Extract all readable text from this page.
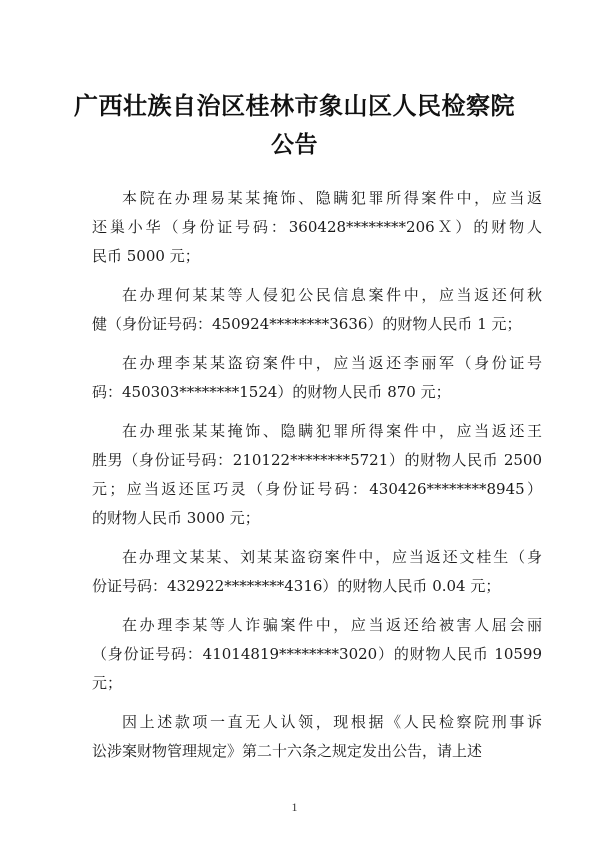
广西壮族自治区桂林市象山区人民检察院
公告
本院在办理易某某掩饰、隐瞒犯罪所得案件中，应当返
还巢小华（身份证号码：360428********206Ｘ）的财物人
民币 5000 元；
在办理何某某等人侵犯公民信息案件中，应当返还何秋
健（身份证号码：450924********3636）的财物人民币 1 元；
在办理李某某盗窃案件中，应当返还李丽军（身份证号
码：450303********1524）的财物人民币 870 元；
在办理张某某掩饰、隐瞒犯罪所得案件中，应当返还王
胜男（身份证号码：210122********5721）的财物人民币 2500
元；应当返还匡巧灵（身份证号码：430426********8945）
的财物人民币 3000 元；
在办理文某某、刘某某盗窃案件中，应当返还文桂生（身
份证号码：432922********4316）的财物人民币 0.04 元；
在办理李某等人诈骗案件中，应当返还给被害人屈会丽
（身份证号码：41014819********3020）的财物人民币 10599
元；
因上述款项一直无人认领，现根据《人民检察院刑事诉
讼涉案财物管理规定》第二十六条之规定发出公告，请上述
1
